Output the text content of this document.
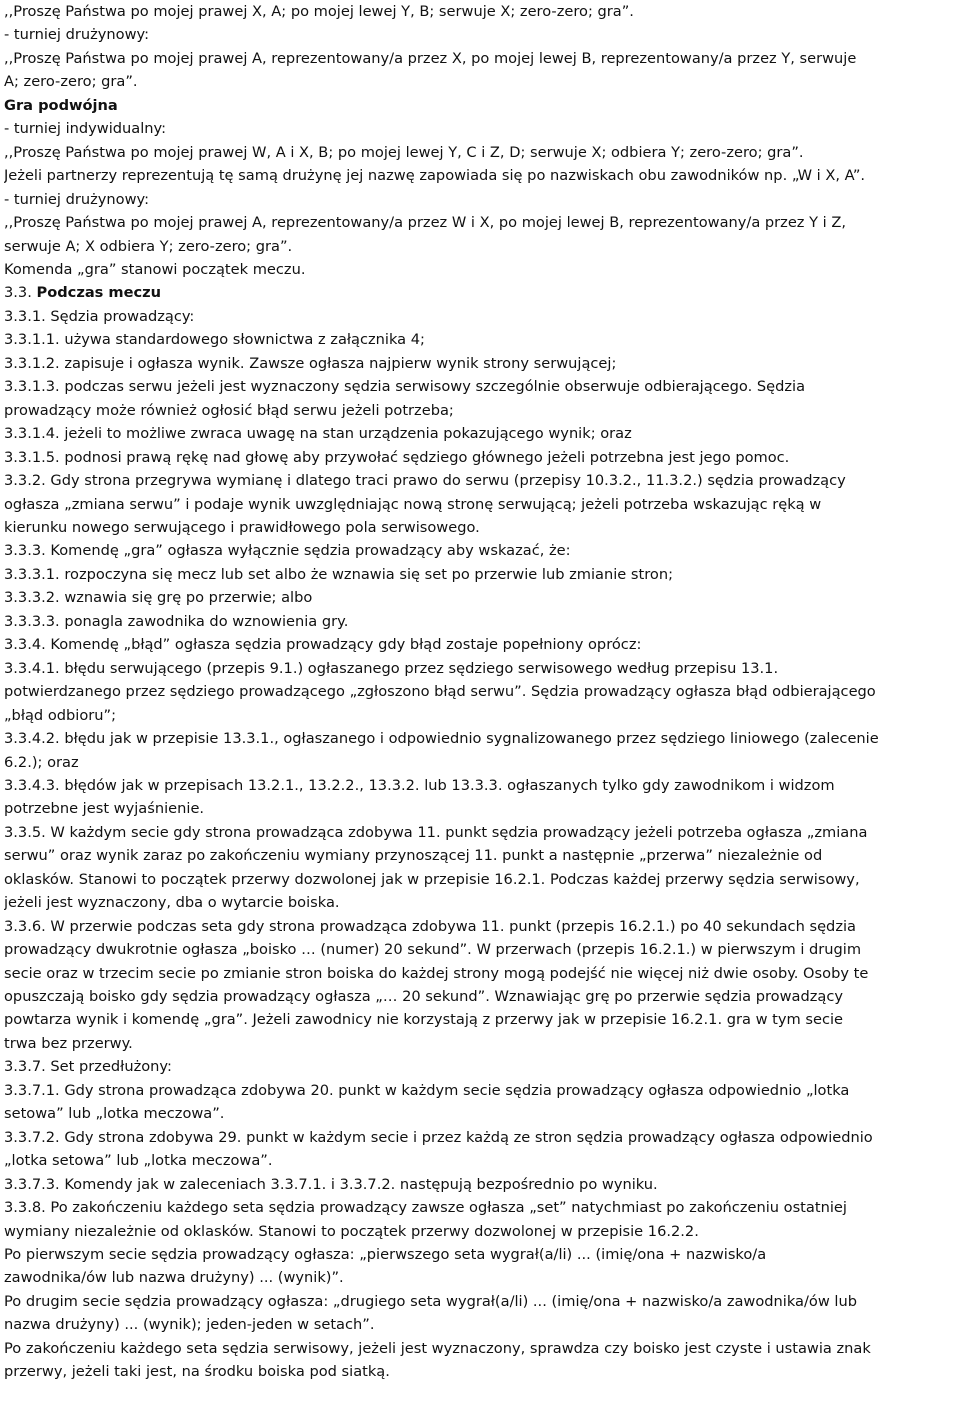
,,Proszę Państwa po mojej prawej X, A; po mojej lewej Y, B; serwuje X; zero-zero; gra”.
- turniej drużynowy:
,,Proszę Państwa po mojej prawej A, reprezentowany/a przez X, po mojej lewej B, reprezentowany/a przez Y, serwuje
A; zero-zero; gra”.
Gra podwójna
- turniej indywidualny:
,,Proszę Państwa po mojej prawej W, A i X, B; po mojej lewej Y, C i Z, D; serwuje X; odbiera Y; zero-zero; gra”.
Jeżeli partnerzy reprezentują tę samą drużynę jej nazwę zapowiada się po nazwiskach obu zawodników np. „W i X, A”.
- turniej drużynowy:
,,Proszę Państwa po mojej prawej A, reprezentowany/a przez W i X, po mojej lewej B, reprezentowany/a przez Y i Z,
serwuje A; X odbiera Y; zero-zero; gra”.
Komenda „gra” stanowi początek meczu.
3.3. Podczas meczu
3.3.1. Sędzia prowadzący:
3.3.1.1. używa standardowego słownictwa z załącznika 4;
3.3.1.2. zapisuje i ogłasza wynik. Zawsze ogłasza najpierw wynik strony serwującej;
3.3.1.3. podczas serwu jeżeli jest wyznaczony sędzia serwisowy szczególnie obserwuje odbierającego. Sędzia
prowadzący może również ogłosić błąd serwu jeżeli potrzeba;
3.3.1.4. jeżeli to możliwe zwraca uwagę na stan urządzenia pokazującego wynik; oraz
3.3.1.5. podnosi prawą rękę nad głowę aby przywołać sędziego głównego jeżeli potrzebna jest jego pomoc.
3.3.2. Gdy strona przegrywa wymianę i dlatego traci prawo do serwu (przepisy 10.3.2., 11.3.2.) sędzia prowadzący
ogłasza „zmiana serwu” i podaje wynik uwzględniając nową stronę serwującą; jeżeli potrzeba wskazując ręką w
kierunku nowego serwującego i prawidłowego pola serwisowego.
3.3.3. Komendę „gra” ogłasza wyłącznie sędzia prowadzący aby wskazać, że:
3.3.3.1. rozpoczyna się mecz lub set albo że wznawia się set po przerwie lub zmianie stron;
3.3.3.2. wznawia się grę po przerwie; albo
3.3.3.3. ponagla zawodnika do wznowienia gry.
3.3.4. Komendę „błąd” ogłasza sędzia prowadzący gdy błąd zostaje popełniony oprócz:
3.3.4.1. błędu serwującego (przepis 9.1.) ogłaszanego przez sędziego serwisowego według przepisu 13.1.
potwierdzanego przez sędziego prowadzącego „zgłoszono błąd serwu”. Sędzia prowadzący ogłasza błąd odbierającego
„błąd odbioru”;
3.3.4.2. błędu jak w przepisie 13.3.1., ogłaszanego i odpowiednio sygnalizowanego przez sędziego liniowego (zalecenie
6.2.); oraz
3.3.4.3. błędów jak w przepisach 13.2.1., 13.2.2., 13.3.2. lub 13.3.3. ogłaszanych tylko gdy zawodnikom i widzom
potrzebne jest wyjaśnienie.
3.3.5. W każdym secie gdy strona prowadząca zdobywa 11. punkt sędzia prowadzący jeżeli potrzeba ogłasza „zmiana
serwu” oraz wynik zaraz po zakończeniu wymiany przynoszącej 11. punkt a następnie „przerwa” niezależnie od
oklasków. Stanowi to początek przerwy dozwolonej jak w przepisie 16.2.1. Podczas każdej przerwy sędzia serwisowy,
jeżeli jest wyznaczony, dba o wytarcie boiska.
3.3.6. W przerwie podczas seta gdy strona prowadząca zdobywa 11. punkt (przepis 16.2.1.) po 40 sekundach sędzia
prowadzący dwukrotnie ogłasza „boisko … (numer) 20 sekund”. W przerwach (przepis 16.2.1.) w pierwszym i drugim
secie oraz w trzecim secie po zmianie stron boiska do każdej strony mogą podejść nie więcej niż dwie osoby. Osoby te
opuszczają boisko gdy sędzia prowadzący ogłasza „… 20 sekund”. Wznawiając grę po przerwie sędzia prowadzący
powtarza wynik i komendę „gra”. Jeżeli zawodnicy nie korzystają z przerwy jak w przepisie 16.2.1. gra w tym secie
trwa bez przerwy.
3.3.7. Set przedłużony:
3.3.7.1. Gdy strona prowadząca zdobywa 20. punkt w każdym secie sędzia prowadzący ogłasza odpowiednio „lotka
setowa” lub „lotka meczowa”.
3.3.7.2. Gdy strona zdobywa 29. punkt w każdym secie i przez każdą ze stron sędzia prowadzący ogłasza odpowiednio
„lotka setowa” lub „lotka meczowa”.
3.3.7.3. Komendy jak w zaleceniach 3.3.7.1. i 3.3.7.2. następują bezpośrednio po wyniku.
3.3.8. Po zakończeniu każdego seta sędzia prowadzący zawsze ogłasza „set” natychmiast po zakończeniu ostatniej
wymiany niezależnie od oklasków. Stanowi to początek przerwy dozwolonej w przepisie 16.2.2.
Po pierwszym secie sędzia prowadzący ogłasza: „pierwszego seta wygrał(a/li) ... (imię/ona + nazwisko/a
zawodnika/ów lub nazwa drużyny) ... (wynik)”.
Po drugim secie sędzia prowadzący ogłasza: „drugiego seta wygrał(a/li) ... (imię/ona + nazwisko/a zawodnika/ów lub
nazwa drużyny) ... (wynik); jeden-jeden w setach”.
Po zakończeniu każdego seta sędzia serwisowy, jeżeli jest wyznaczony, sprawdza czy boisko jest czyste i ustawia znak
przerwy, jeżeli taki jest, na środku boiska pod siatką.
